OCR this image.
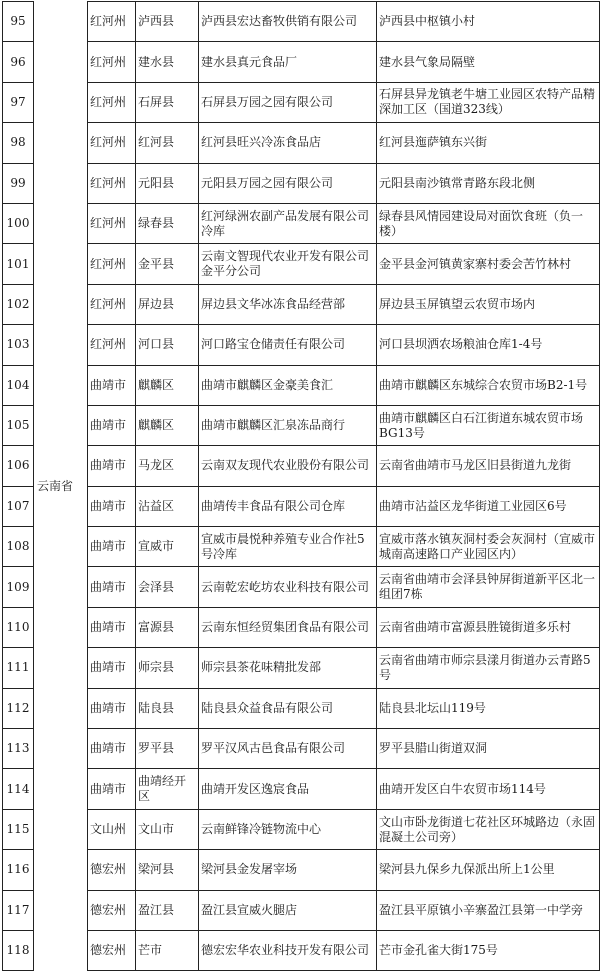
95	云南省	红河州	泸西县	泸西县宏达畜牧供销有限公司	泸西县中枢镇小村
96		红河州	建水县	建水县真元食品厂	建水县气象局隔壁
97		红河州	石屏县	石屏县万园之园有限公司	石屏县异龙镇老牛塘工业园区农特产品精深加工区（国道323线）
98		红河州	红河县	红河县旺兴冷冻食品店	红河县迤萨镇东兴街
99		红河州	元阳县	元阳县万园之园有限公司	元阳县南沙镇常青路东段北侧
100		红河州	绿春县	红河绿洲农副产品发展有限公司冷库	绿春县风情园建设局对面饮食班（负一楼）
101		红河州	金平县	云南文智现代农业开发有限公司金平分公司	金平县金河镇黄家寨村委会苦竹林村
102		红河州	屏边县	屏边县文华冰冻食品经营部	屏边县玉屏镇望云农贸市场内
103		红河州	河口县	河口路宝仓储责任有限公司	河口县坝洒农场粮油仓库1-4号
104		曲靖市	麒麟区	曲靖市麒麟区金豪美食汇	曲靖市麒麟区东城综合农贸市场B2-1号
105		曲靖市	麒麟区	曲靖市麒麟区汇泉冻品商行	曲靖市麒麟区白石江街道东城农贸市场BG13号
106		曲靖市	马龙区	云南双友现代农业股份有限公司	云南省曲靖市马龙区旧县街道九龙街
107		曲靖市	沾益区	曲靖传丰食品有限公司仓库	曲靖市沾益区龙华街道工业园区6号
108		曲靖市	宣威市	宣威市晨悦种养殖专业合作社5号冷库	宣威市落水镇灰洞村委会灰洞村（宣威市城南高速路口产业园区内）
109		曲靖市	会泽县	云南乾宏屹坊农业科技有限公司	云南省曲靖市会泽县钟屏街道新平区北一组团7栋
110		曲靖市	富源县	云南东恒经贸集团食品有限公司	云南省曲靖市富源县胜镜街道多乐村
111		曲靖市	师宗县	师宗县茶花味精批发部	云南省曲靖市师宗县漾月街道办云青路5号
112		曲靖市	陆良县	陆良县众益食品有限公司	陆良县北坛山119号
113		曲靖市	罗平县	罗平汉风古邑食品有限公司	罗平县腊山街道双洞
114		曲靖市	曲靖经开区	曲靖开发区逸宸食品	曲靖开发区白牛农贸市场114号
115		文山州	文山市	云南鲜锋冷链物流中心	文山市卧龙街道七花社区环城路边（永固混凝土公司旁）
116		德宏州	梁河县	梁河县金发屠宰场	梁河县九保乡九保派出所上1公里
117		德宏州	盈江县	盈江县宣威火腿店	盈江县平原镇小辛寨盈江县第一中学旁
118		德宏州	芒市	德宏宏华农业科技开发有限公司	芒市金孔雀大街175号
